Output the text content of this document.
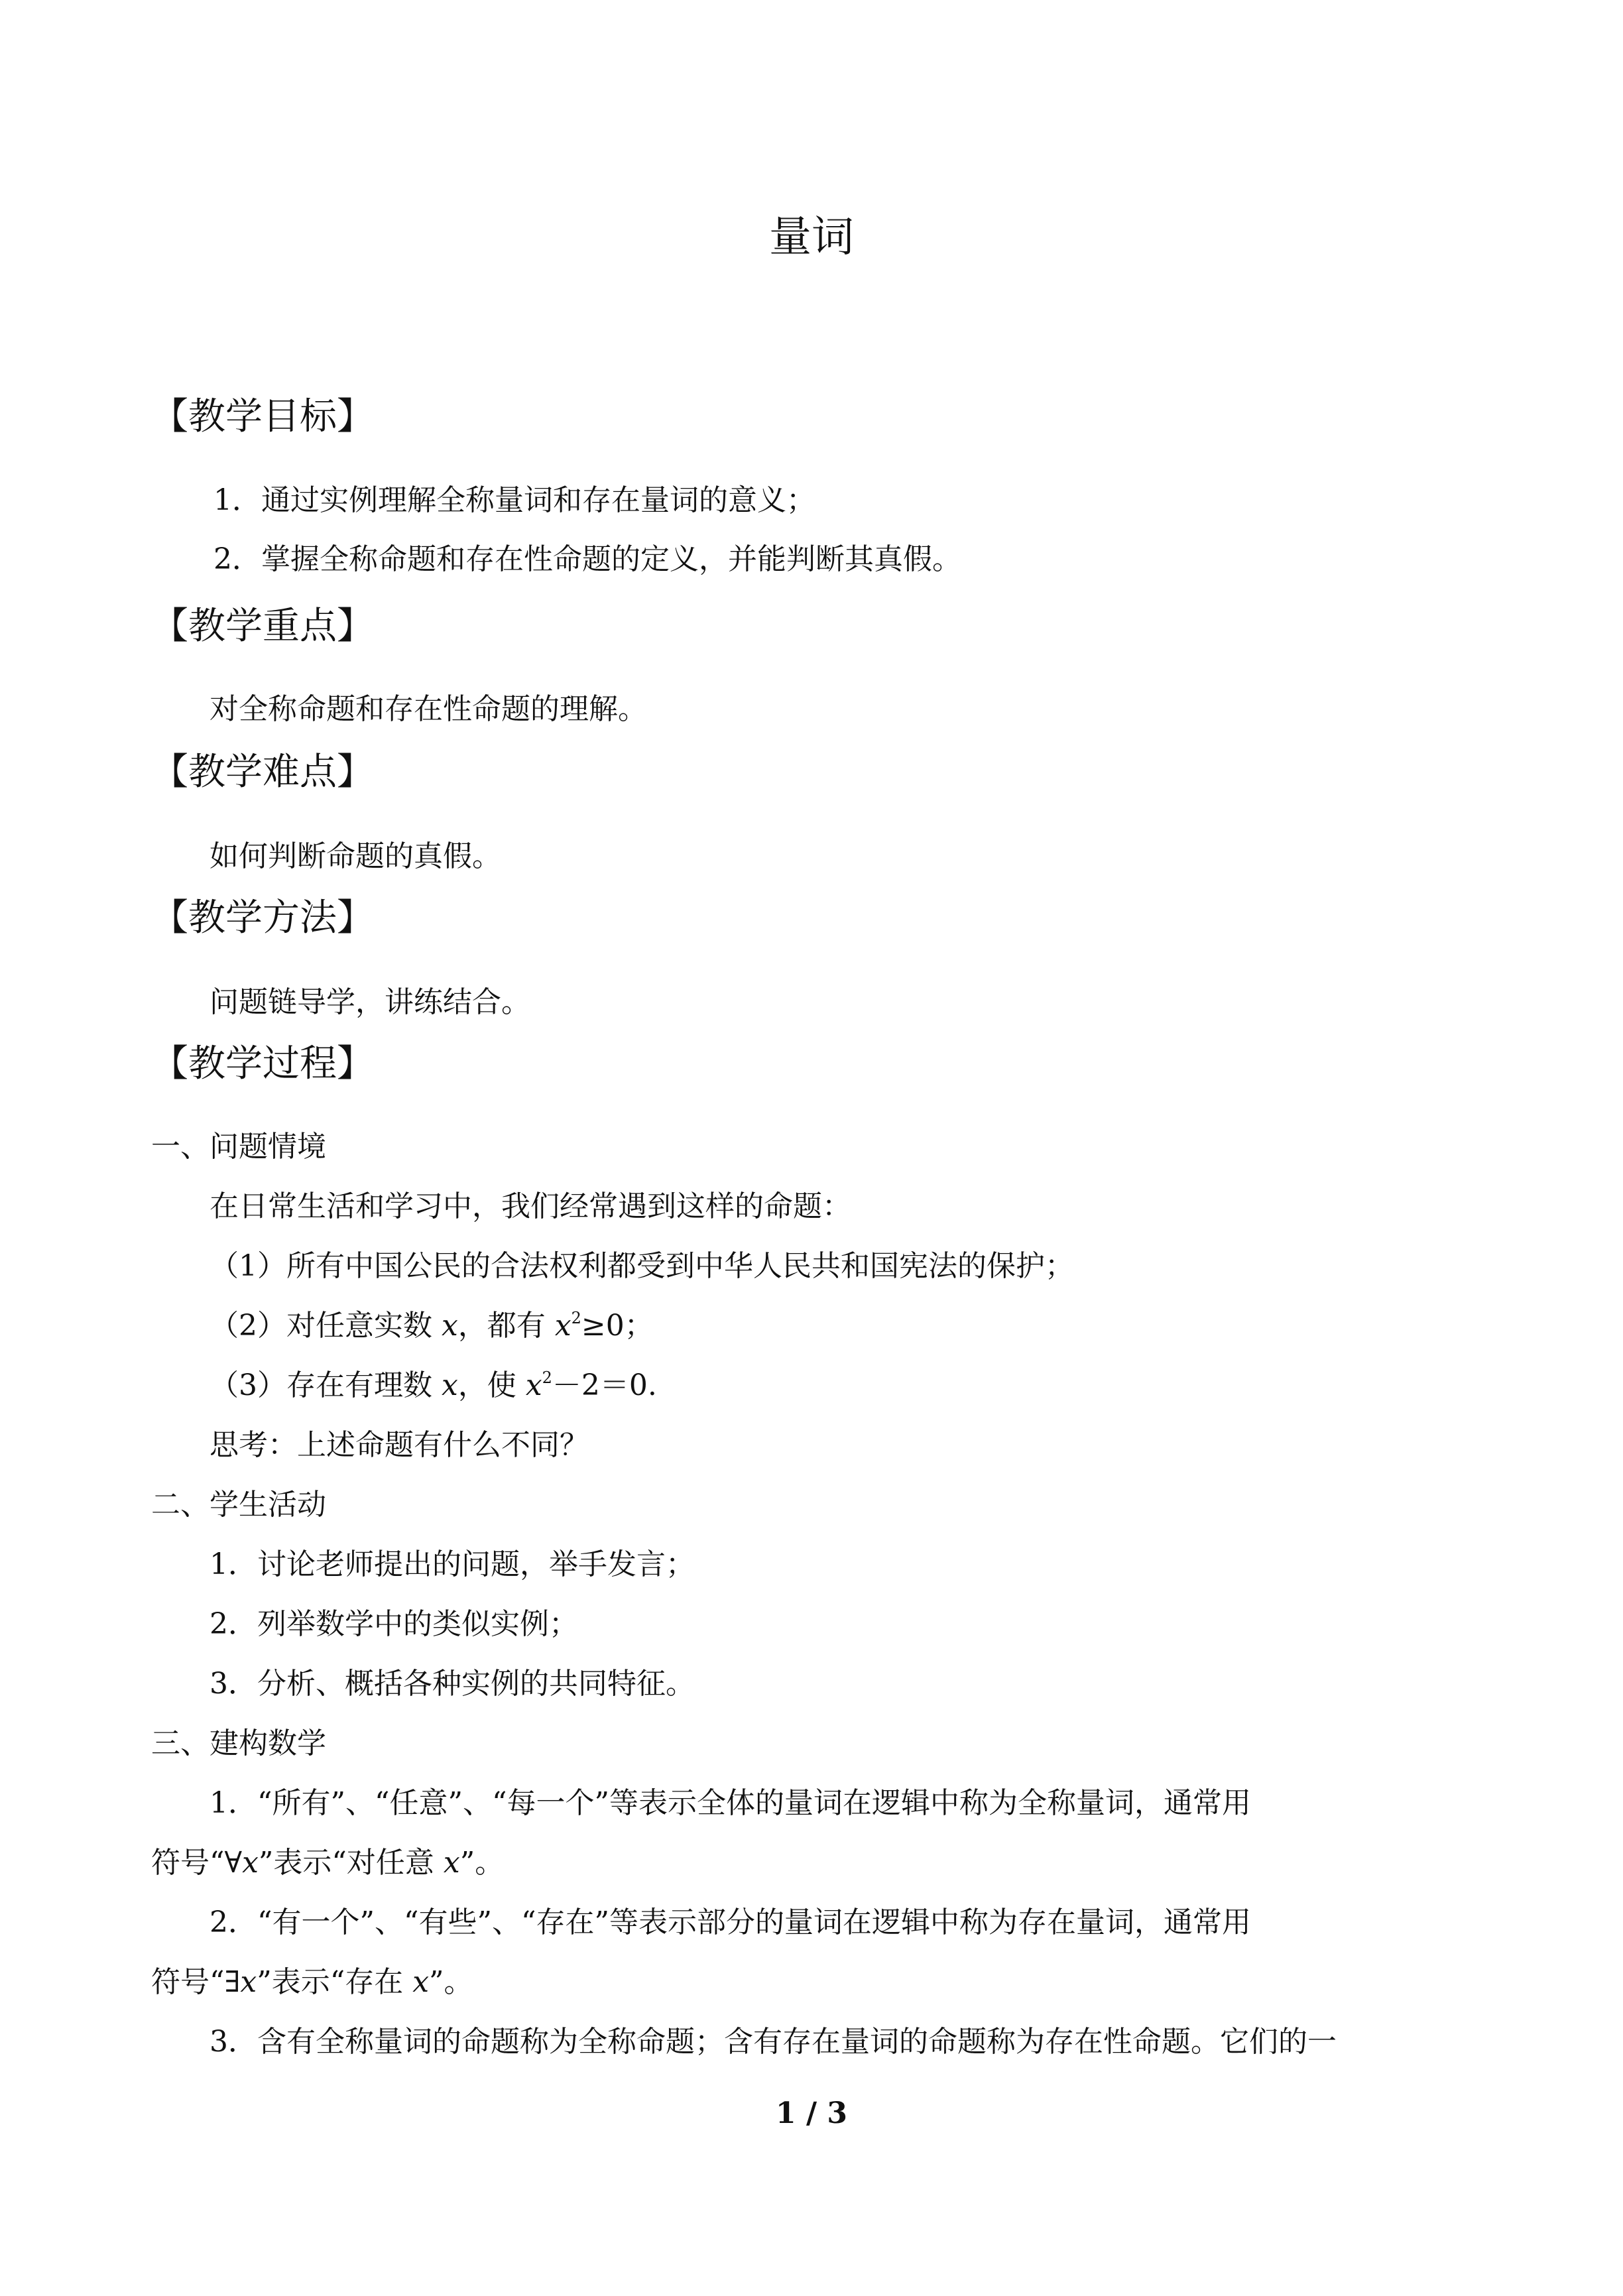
量词
【教学目标】
1．通过实例理解全称量词和存在量词的意义；
2．掌握全称命题和存在性命题的定义，并能判断其真假。
【教学重点】
对全称命题和存在性命题的理解。
【教学难点】
如何判断命题的真假。
【教学方法】
问题链导学，讲练结合。
【教学过程】
一、问题情境
在日常生活和学习中，我们经常遇到这样的命题：
（1）所有中国公民的合法权利都受到中华人民共和国宪法的保护；
（2）对任意实数 x，都有 $x^2\ge 0$；
（3）存在有理数 x，使 $x^2-2=0$.
思考：上述命题有什么不同？
二、学生活动
1．讨论老师提出的问题，举手发言；
2．列举数学中的类似实例；
3．分析、概括各种实例的共同特征。
三、建构数学
1．“所有”、“任意”、“每一个”等表示全体的量词在逻辑中称为全称量词，通常用
符号“∀x”表示“对任意 x”。
2．“有一个”、“有些”、“存在”等表示部分的量词在逻辑中称为存在量词，通常用
符号“∃x”表示“存在 x”。
3．含有全称量词的命题称为全称命题；含有存在量词的命题称为存在性命题。它们的一
1 / 3
